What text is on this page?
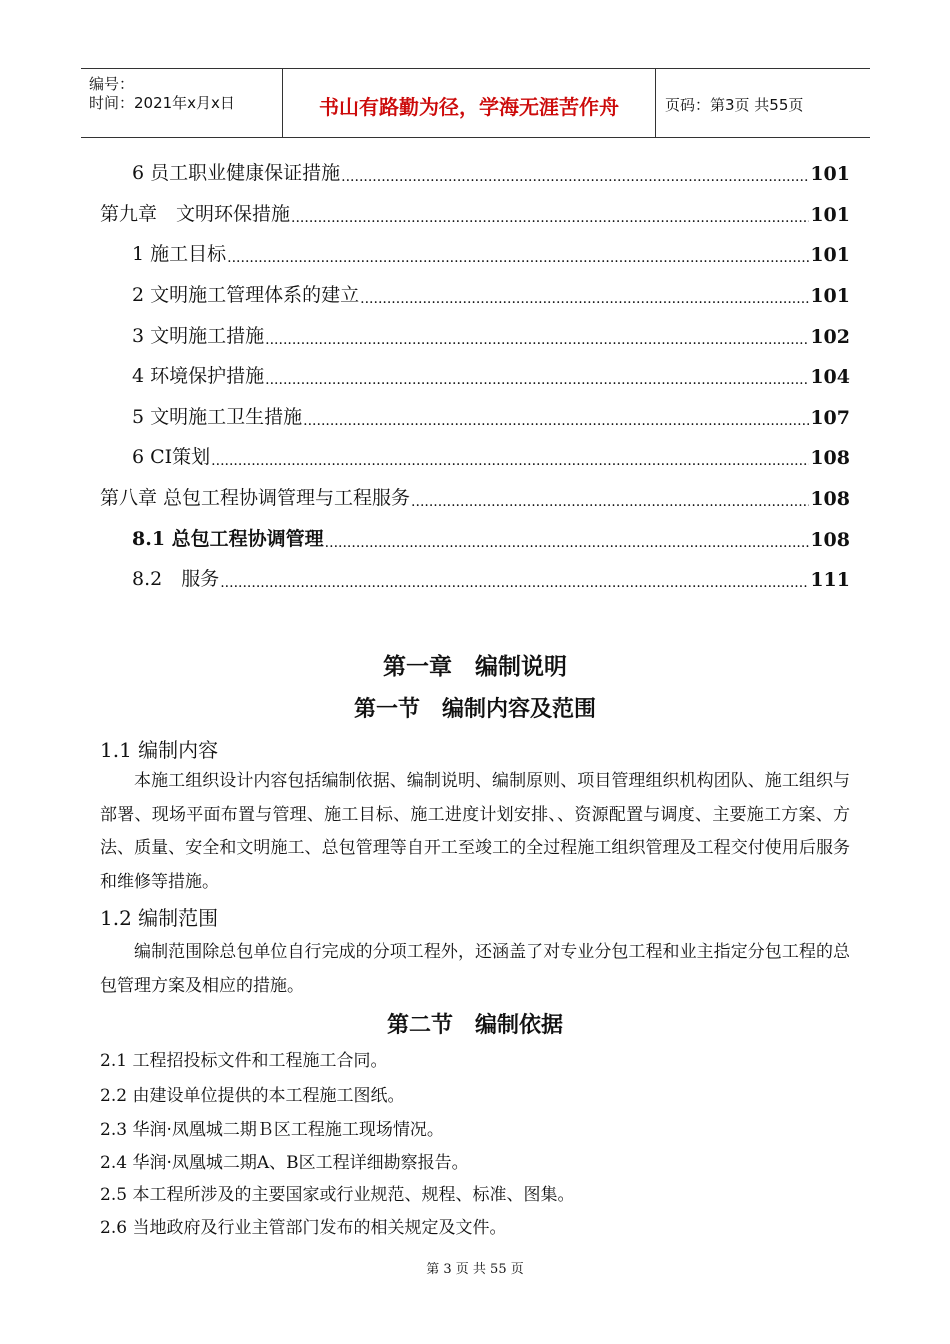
编号：
时间：2021年x月x日	书山有路勤为径，学海无涯苦作舟	页码：第3页 共55页
6 员工职业健康保证措施 .....	101
第九章　文明环保措施 .....	101
1 施工目标 .....	101
2 文明施工管理体系的建立 .....	101
3 文明施工措施 .....	102
4 环境保护措施 .....	104
5 文明施工卫生措施 .....	107
6 CI策划 .....	108
第八章 总包工程协调管理与工程服务 .....	108
8.1 总包工程协调管理 .....	108
8.2　服务 .....	111
第一章　编制说明
第一节　编制内容及范围
1.1 编制内容
本施工组织设计内容包括编制依据、编制说明、编制原则、项目管理组织机构团队、施工组织与部署、现场平面布置与管理、施工目标、施工进度计划安排、、资源配置与调度、主要施工方案、方法、质量、安全和文明施工、总包管理等自开工至竣工的全过程施工组织管理及工程交付使用后服务和维修等措施。
1.2 编制范围
编制范围除总包单位自行完成的分项工程外，还涵盖了对专业分包工程和业主指定分包工程的总包管理方案及相应的措施。
第二节　编制依据
2.1 工程招投标文件和工程施工合同。
2.2 由建设单位提供的本工程施工图纸。
2.3 华润·凤凰城二期Ｂ区工程施工现场情况。
2.4 华润·凤凰城二期A、B区工程详细勘察报告。
2.5 本工程所涉及的主要国家或行业规范、规程、标准、图集。
2.6 当地政府及行业主管部门发布的相关规定及文件。
第 3 页 共 55 页
